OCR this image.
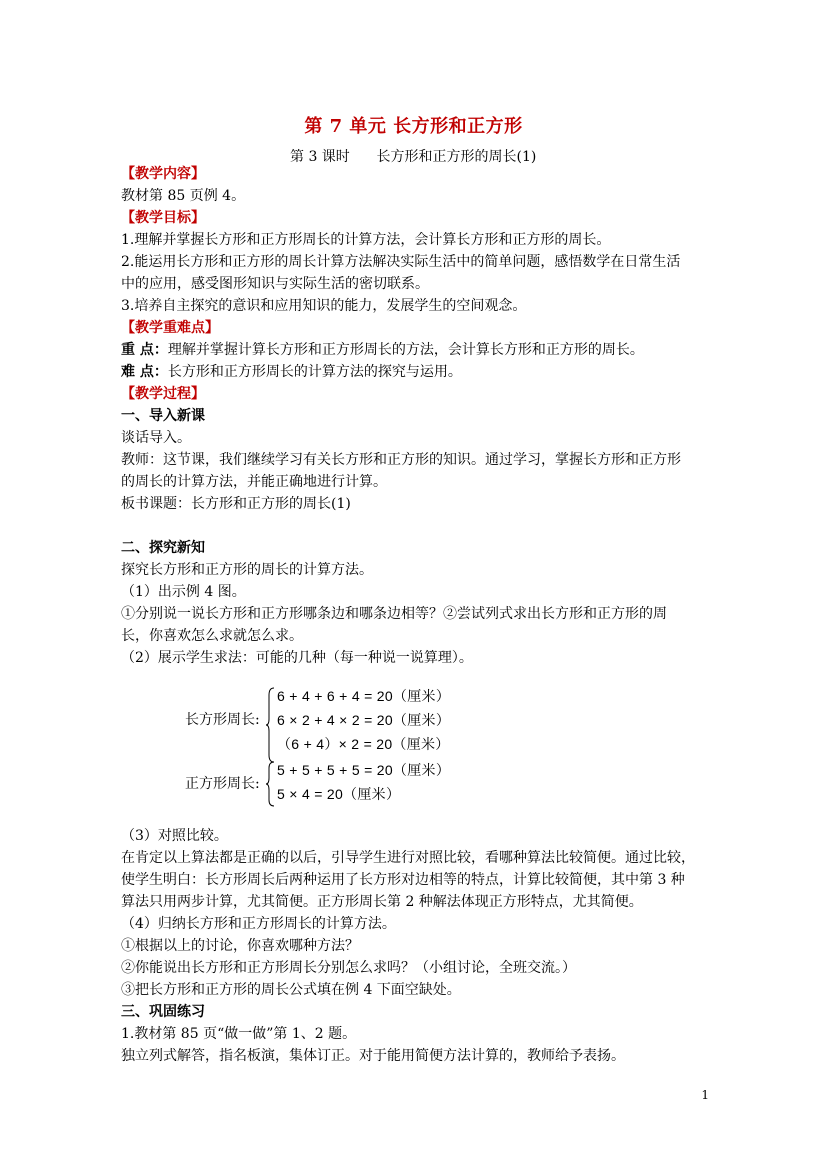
第 7 单元 长方形和正方形
第 3 课时      长方形和正方形的周长(1)
【教学内容】
教材第 85 页例 4。
【教学目标】
1.理解并掌握长方形和正方形周长的计算方法，会计算长方形和正方形的周长。
2.能运用长方形和正方形的周长计算方法解决实际生活中的简单问题，感悟数学在日常生活
中的应用，感受图形知识与实际生活的密切联系。
3.培养自主探究的意识和应用知识的能力，发展学生的空间观念。
【教学重难点】
重 点：理解并掌握计算长方形和正方形周长的方法，会计算长方形和正方形的周长。
难 点：长方形和正方形周长的计算方法的探究与运用。
【教学过程】
一、导入新课
谈话导入。
教师：这节课，我们继续学习有关长方形和正方形的知识。通过学习，掌握长方形和正方形
的周长的计算方法，并能正确地进行计算。
板书课题：长方形和正方形的周长(1)
二、探究新知
探究长方形和正方形的周长的计算方法。
（1）出示例 4 图。
①分别说一说长方形和正方形哪条边和哪条边相等？②尝试列式求出长方形和正方形的周
长，你喜欢怎么求就怎么求。
（2）展示学生求法：可能的几种（每一种说一说算理）。
长方形周长:
6 + 4 + 6 + 4 = 20（厘米）
6 × 2 + 4 × 2 = 20（厘米）
（6 + 4）× 2 = 20（厘米）
正方形周长:
5 + 5 + 5 + 5 = 20（厘米）
5 × 4 = 20（厘米）
（3）对照比较。
在肯定以上算法都是正确的以后，引导学生进行对照比较，看哪种算法比较简便。通过比较，
使学生明白：长方形周长后两种运用了长方形对边相等的特点，计算比较简便，其中第 3 种
算法只用两步计算，尤其简便。正方形周长第 2 种解法体现正方形特点，尤其简便。
（4）归纳长方形和正方形周长的计算方法。
①根据以上的讨论，你喜欢哪种方法？
②你能说出长方形和正方形周长分别怎么求吗？（小组讨论，全班交流。）
③把长方形和正方形的周长公式填在例 4 下面空缺处。
三、巩固练习
1.教材第 85 页“做一做”第 1、2 题。
独立列式解答，指名板演，集体订正。对于能用简便方法计算的，教师给予表扬。
1
